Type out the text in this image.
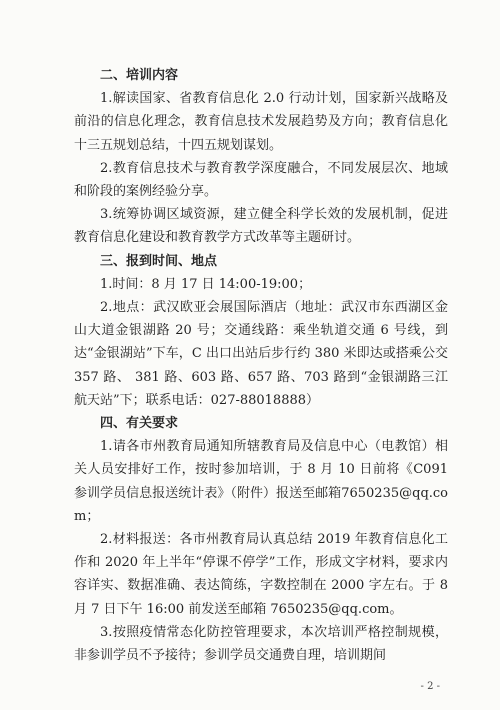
二、培训内容

1.解读国家、省教育信息化 2.0 行动计划，国家新兴战略及前沿的信息化理念，教育信息技术发展趋势及方向；教育信息化十三五规划总结，十四五规划谋划。

2.教育信息技术与教育教学深度融合，不同发展层次、地域和阶段的案例经验分享。

3.统筹协调区域资源，建立健全科学长效的发展机制，促进教育信息化建设和教育教学方式改革等主题研讨。

三、报到时间、地点

1.时间：8 月 17 日 14:00-19:00；

2.地点：武汉欧亚会展国际酒店（地址：武汉市东西湖区金山大道金银湖路 20 号；交通线路：乘坐轨道交通 6 号线，到达“金银湖站”下车，C 出口出站后步行约 380 米即达或搭乘公交 357 路、 381 路、603 路、657 路、703 路到“金银湖路三江航天站”下；联系电话：027-88018888）

四、有关要求

1.请各市州教育局通知所辖教育局及信息中心（电教馆）相关人员安排好工作，按时参加培训，于 8 月 10 日前将《C091 参训学员信息报送统计表》（附件）报送至邮箱7650235@qq.com；

2.材料报送：各市州教育局认真总结 2019 年教育信息化工作和 2020 年上半年“停课不停学”工作，形成文字材料，要求内容详实、数据准确、表达简练，字数控制在 2000 字左右。于 8 月 7 日下午 16:00 前发送至邮箱 7650235@qq.com。

3.按照疫情常态化防控管理要求，本次培训严格控制规模，非参训学员不予接待；参训学员交通费自理，培训期间

- 2 -
